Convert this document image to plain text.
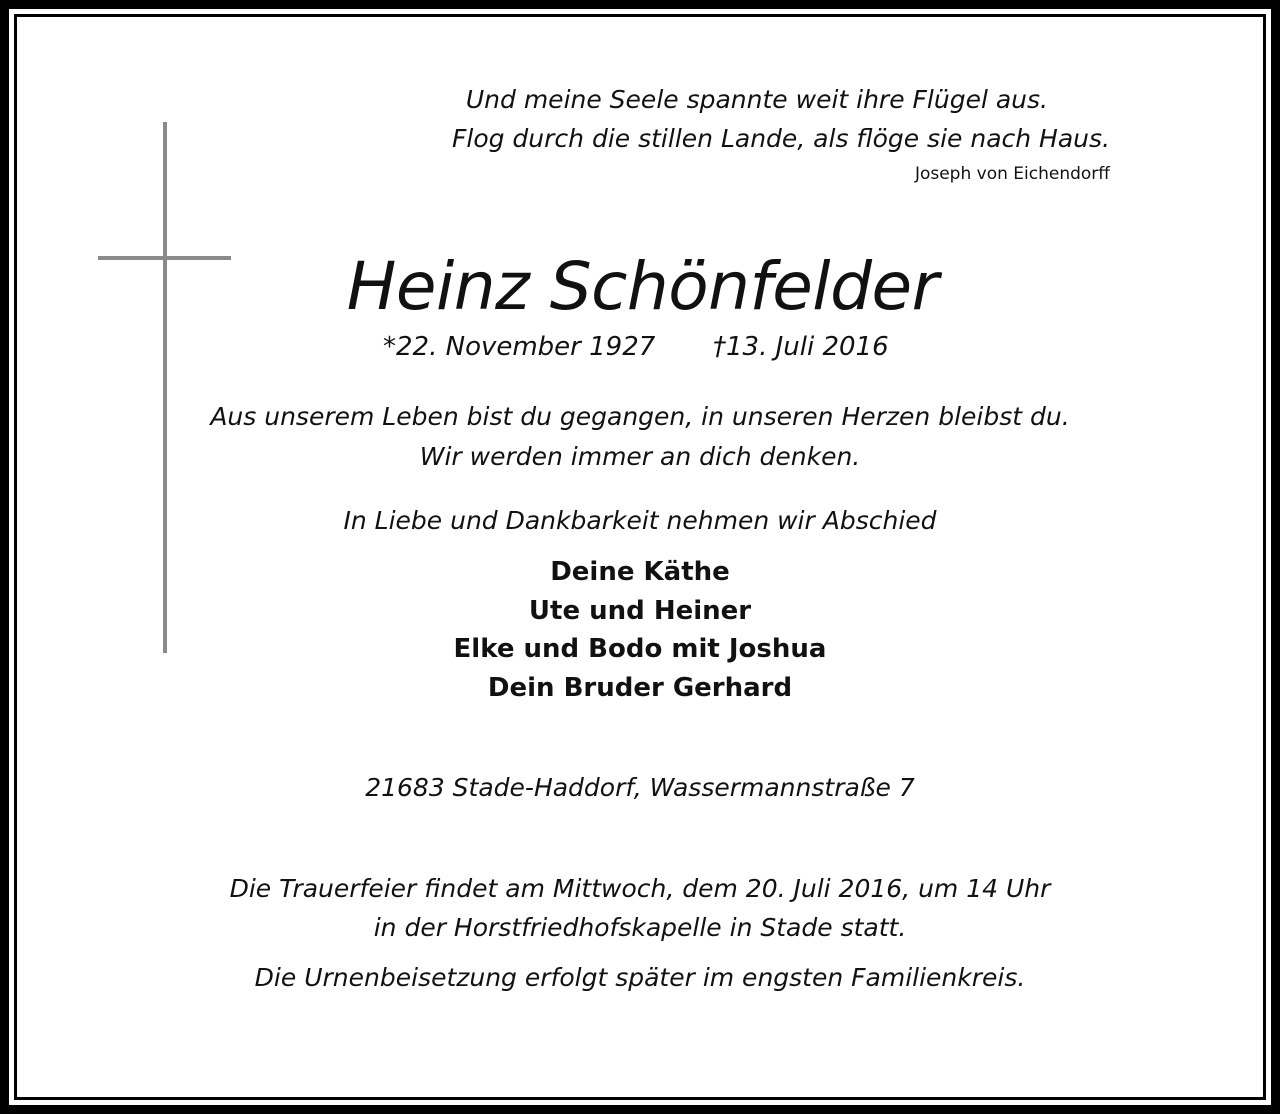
Und meine Seele spannte weit ihre Flügel aus.
Flog durch die stillen Lande, als flöge sie nach Haus.
Joseph von Eichendorff
Heinz Schönfelder
*22. November 1927 †13. Juli 2016
Aus unserem Leben bist du gegangen, in unseren Herzen bleibst du.
Wir werden immer an dich denken.
In Liebe und Dankbarkeit nehmen wir Abschied
Deine Käthe
Ute und Heiner
Elke und Bodo mit Joshua
Dein Bruder Gerhard
21683 Stade-Haddorf, Wassermannstraße 7
Die Trauerfeier findet am Mittwoch, dem 20. Juli 2016, um 14 Uhr
in der Horstfriedhofskapelle in Stade statt.
Die Urnenbeisetzung erfolgt später im engsten Familienkreis.
